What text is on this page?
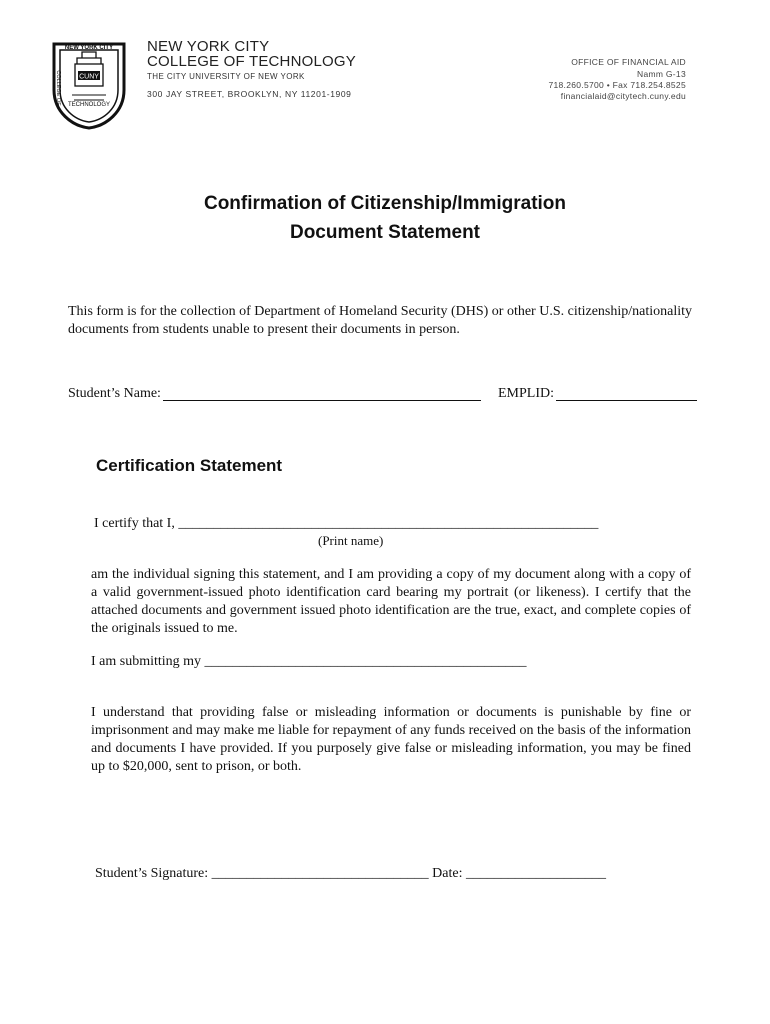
CUNY
NEW YORK CITY
COLLEGE OF TECHNOLOGY
NEW YORK CITY
COLLEGE OF TECHNOLOGY
THE CITY UNIVERSITY OF NEW YORK
300 JAY STREET, BROOKLYN, NY 11201-1909
OFFICE OF FINANCIAL AID
Namm G-13
718.260.5700 • Fax 718.254.8525
financialaid@citytech.cuny.edu
Confirmation of Citizenship/Immigration
Document Statement
This form is for the collection of Department of Homeland Security (DHS) or other U.S. citizenship/nationality documents from students unable to present their documents in person.
Student’s Name:	EMPLID:
Certification Statement
I certify that I, ____________________________________________________________
(Print name)
am the individual signing this statement, and I am providing a copy of my document along with a copy of a valid government-issued photo identification card bearing my portrait (or likeness). I certify that the attached documents and government issued photo identification are the true, exact, and complete copies of the originals issued to me.
I am submitting my ______________________________________________
I understand that providing false or misleading information or documents is punishable by fine or imprisonment and may make me liable for repayment of any funds received on the basis of the information and documents I have provided. If you purposely give false or misleading information, you may be fined up to $20,000, sent to prison, or both.
Student’s Signature: _______________________________ Date: ____________________
